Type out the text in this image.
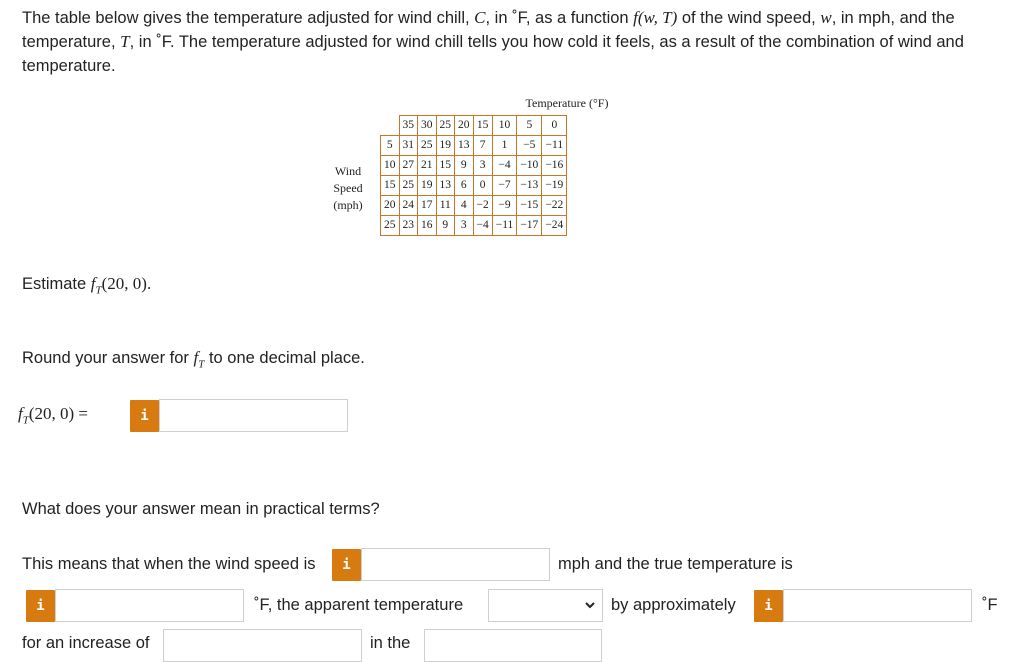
The table below gives the temperature adjusted for wind chill, C, in ˚F, as a function f(w, T) of the wind speed, w, in mph, and the temperature, T, in ˚F. The temperature adjusted for wind chill tells you how cold it feels, as a result of the combination of wind and temperature.
Temperature (°F)
Wind
Speed
(mph)
	35	30	25	20	15	10	5	0
5	31	25	19	13	7	1	−5	−11
10	27	21	15	9	3	−4	−10	−16
15	25	19	13	6	0	−7	−13	−19
20	24	17	11	4	−2	−9	−15	−22
25	23	16	9	3	−4	−11	−17	−24
Estimate $f_T(20$, 0).
Round your answer for $f_T$ to one decimal place.
$f_T(20$, 0) =	i
What does your answer mean in practical terms?
This means that when the wind speed is	i	mph and the true temperature is
i	˚F, the apparent temperature	by approximately	i	˚F
for an increase of	in the
